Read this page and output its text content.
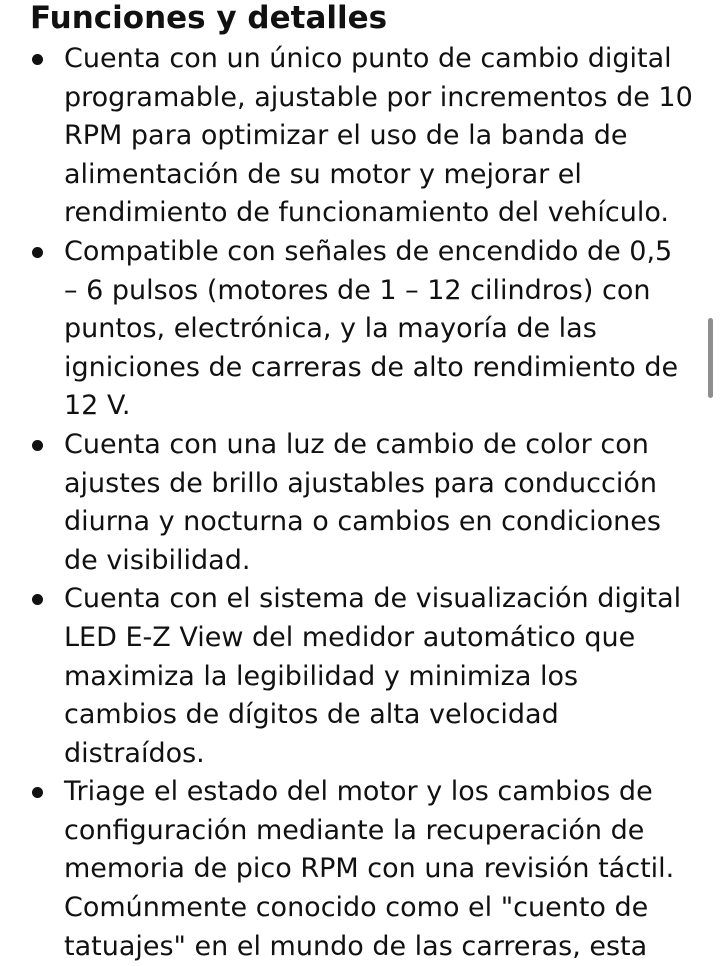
Funciones y detalles
Cuenta con un único punto de cambio digital programable, ajustable por incrementos de 10 RPM para optimizar el uso de la banda de alimentación de su motor y mejorar el rendimiento de funcionamiento del vehículo.
Compatible con señales de encendido de 0,5 – 6 pulsos (motores de 1 – 12 cilindros) con puntos, electrónica, y la mayoría de las igniciones de carreras de alto rendimiento de 12 V.
Cuenta con una luz de cambio de color con ajustes de brillo ajustables para conducción diurna y nocturna o cambios en condiciones de visibilidad.
Cuenta con el sistema de visualización digital LED E-Z View del medidor automático que maximiza la legibilidad y minimiza los cambios de dígitos de alta velocidad distraídos.
Triage el estado del motor y los cambios de configuración mediante la recuperación de memoria de pico RPM con una revisión táctil. Comúnmente conocido como el "cuento de tatuajes" en el mundo de las carreras, esta
